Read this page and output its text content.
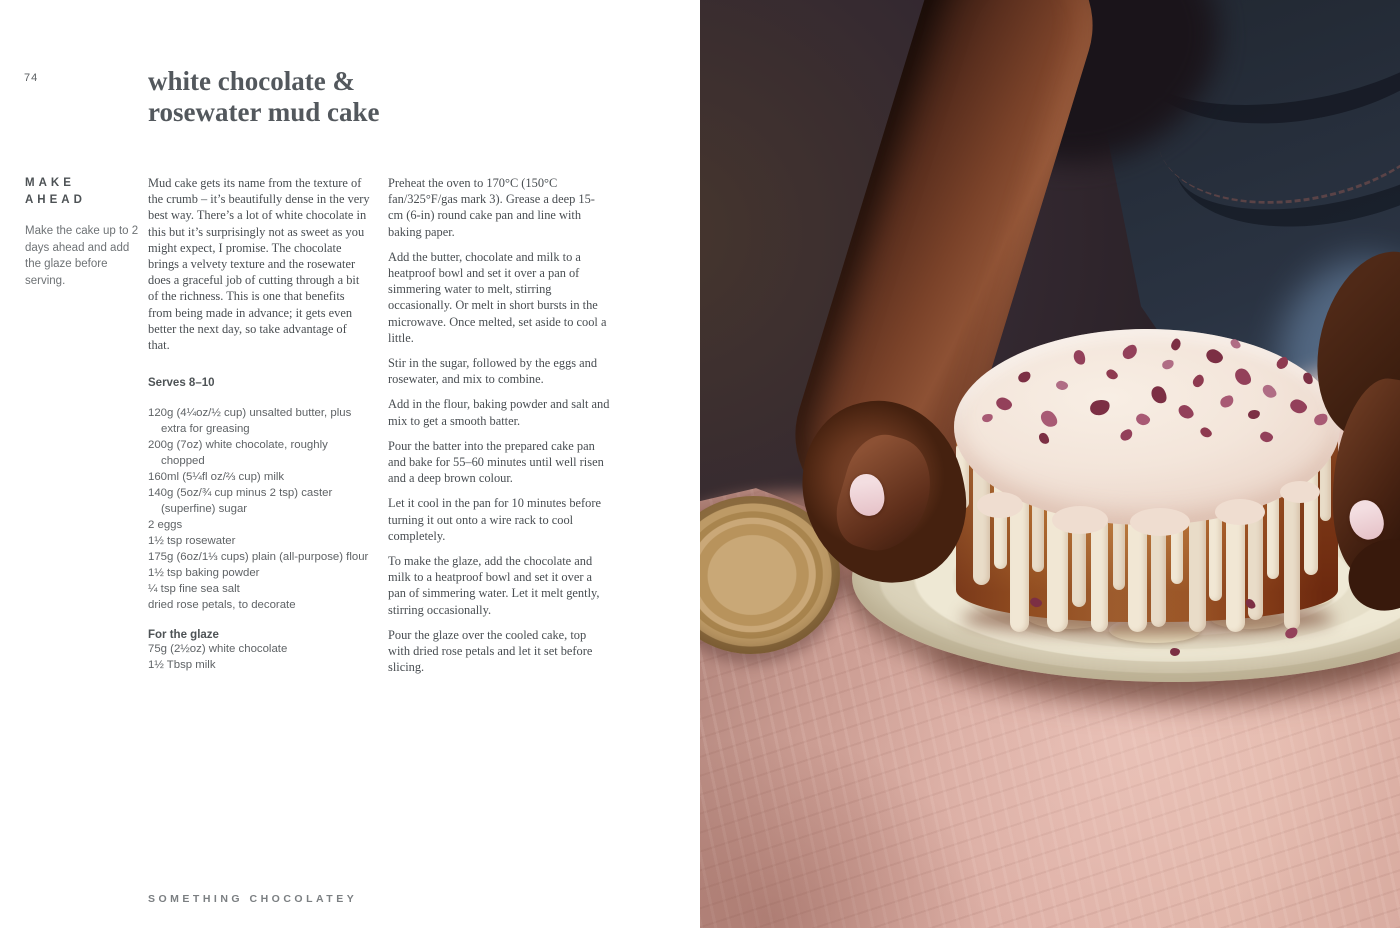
74	white chocolate &
rosewater mud cake
MAKE
AHEAD

Make the cake up to 2 days ahead and add the glaze before serving.

Mud cake gets its name from the texture of the crumb – it’s beautifully dense in the very best way. There’s a lot of white chocolate in this but it’s surprisingly not as sweet as you might expect, I promise. The chocolate brings a velvety texture and the rosewater does a graceful job of cutting through a bit of the richness. This is one that benefits from being made in advance; it gets even better the next day, so take advantage of that.

Serves 8–10
120g (4¼oz/½ cup) unsalted butter, plus extra for greasing
200g (7oz) white chocolate, roughly chopped
160ml (5¼fl oz/⅔ cup) milk
140g (5oz/¾ cup minus 2 tsp) caster (superfine) sugar
2 eggs
1½ tsp rosewater
175g (6oz/1⅓ cups) plain (all-purpose) flour
1½ tsp baking powder
¼ tsp fine sea salt
dried rose petals, to decorate
For the glaze
75g (2½oz) white chocolate
1½ Tbsp milk

Preheat the oven to 170°C (150°C fan/325°F/gas mark 3). Grease a deep 15-cm (6-in) round cake pan and line with baking paper.

Add the butter, chocolate and milk to a heatproof bowl and set it over a pan of simmering water to melt, stirring occasionally. Or melt in short bursts in the microwave. Once melted, set aside to cool a little.

Stir in the sugar, followed by the eggs and rosewater, and mix to combine.

Add in the flour, baking powder and salt and mix to get a smooth batter.

Pour the batter into the prepared cake pan and bake for 55–60 minutes until well risen and a deep brown colour.

Let it cool in the pan for 10 minutes before turning it out onto a wire rack to cool completely.

To make the glaze, add the chocolate and milk to a heatproof bowl and set it over a pan of simmering water. Let it melt gently, stirring occasionally.

Pour the glaze over the cooled cake, top with dried rose petals and let it set before slicing.

SOMETHING CHOCOLATEY
